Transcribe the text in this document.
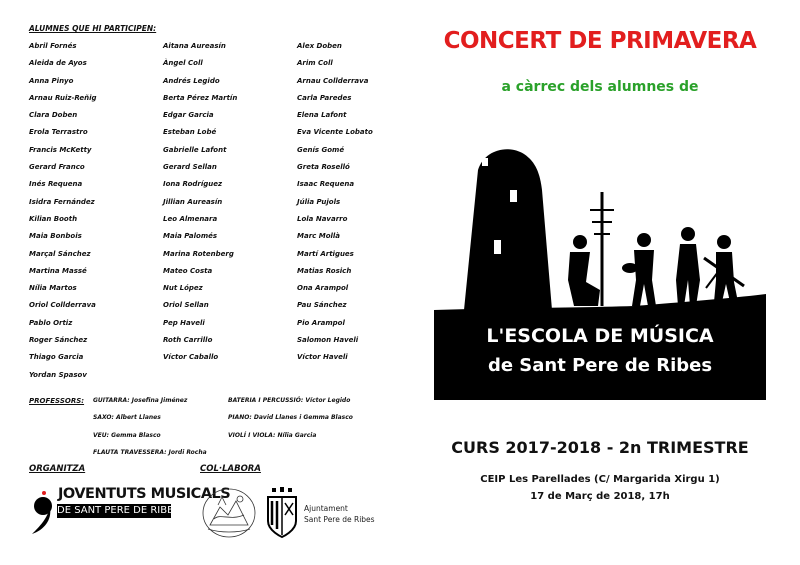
ALUMNES QUE HI PARTICIPEN:
Abril Fornés
Aleida de Ayos
Anna Pinyo
Arnau Ruiz-Reñig
Clara Doben
Erola Terrastro
Francis McKetty
Gerard Franco
Inés Requena
Isidra Fernández
Kilian Booth
Maia Bonbois
Marçal Sánchez
Martina Massé
Nília Martos
Oriol Collderrava
Pablo Ortiz
Roger Sánchez
Thiago Garcia
Yordan Spasov
Aitana Aureasín
Àngel Coll
Andrés Legido
Berta Pérez Martín
Edgar Garcia
Esteban Lobé
Gabrielle Lafont
Gerard Sellan
Iona Rodríguez
Jillian Aureasín
Leo Almenara
Maia Palomés
Marina Rotenberg
Mateo Costa
Nut López
Oriol Sellan
Pep Haveli
Roth Carrillo
Víctor Caballo
Alex Doben
Arim Coll
Arnau Collderrava
Carla Paredes
Elena Lafont
Eva Vicente Lobato
Genís Gomé
Greta Roselló
Isaac Requena
Júlia Pujols
Lola Navarro
Marc Mollà
Martí Artigues
Matias Rosich
Ona Arampol
Pau Sánchez
Pio Arampol
Salomon Haveli
Víctor Haveli
PROFESSORS: GUITARRA: Josefina Jiménez
SAXO: Albert Llanes
VEU: Gemma Blasco
FLAUTA TRAVESSERA: Jordi Rocha
BATERIA I PERCUSSIÓ: Víctor Legido
PIANO: David Llanes i Gemma Blasco
VIOLÍ I VIOLA: Nília Garcia
ORGANITZA	COL·LABORA
JOVENTUTS MUSICALS
DE SANT PERE DE RIBES	Ajuntament
Sant Pere de Ribes
CONCERT DE PRIMAVERA
a càrrec dels alumnes de
L'ESCOLA DE MÚSICA
de Sant Pere de Ribes
CURS 2017-2018 - 2n TRIMESTRE
CEIP Les Parellades (C/ Margarida Xirgu 1)
17 de Març de 2018, 17h
